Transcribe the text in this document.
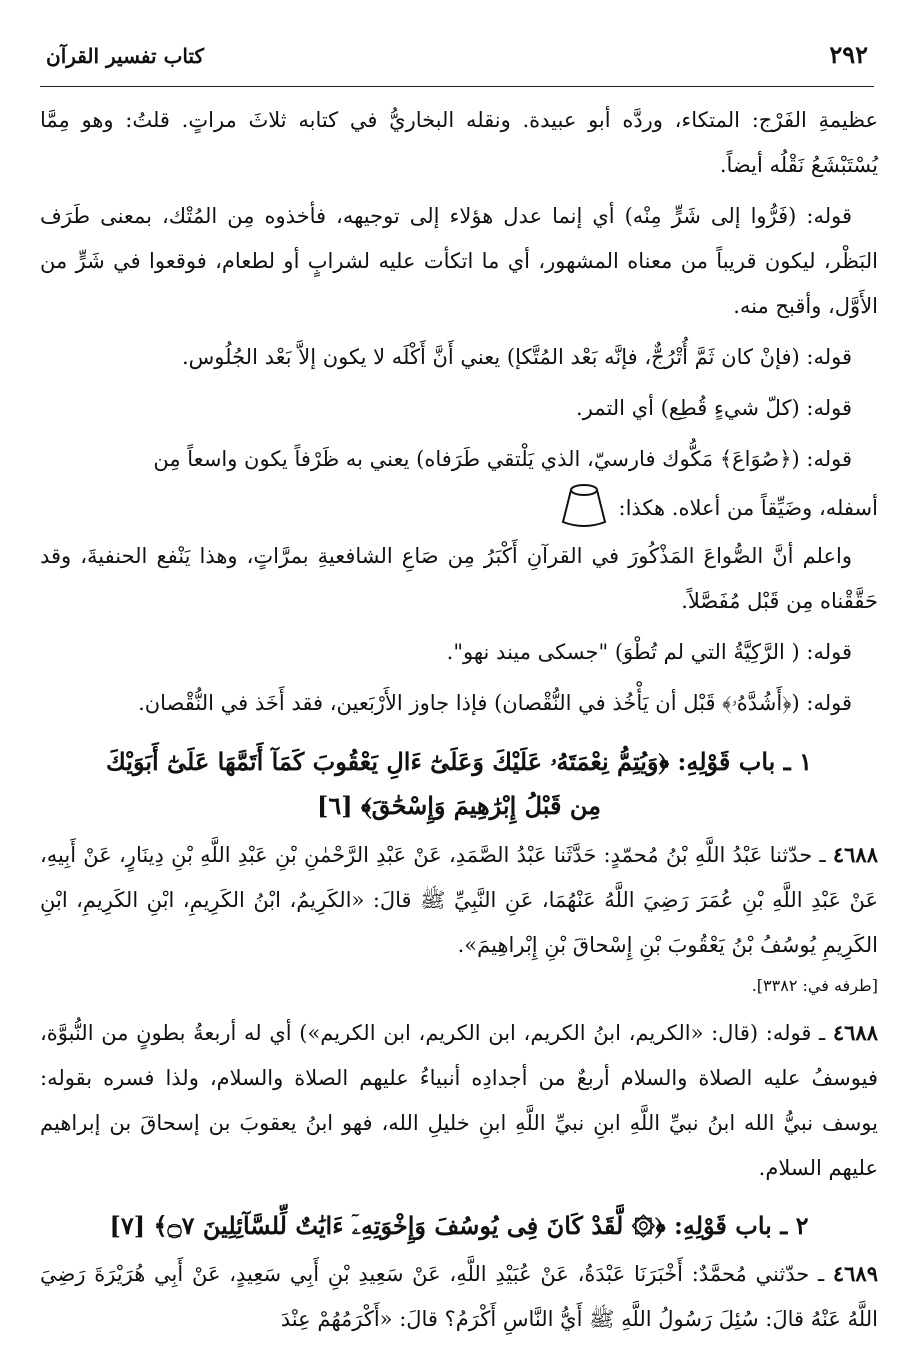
٢٩٢
كتاب تفسير القرآن

عظيمةِ الفَرْج: المتكاء، وردَّه أبو عبيدة. ونقله البخاريُّ في كتابه ثلاثَ مراتٍ. قلتُ: وهو مِمَّا يُسْتَبْشَعُ نَقْلُه أيضاً.

قوله: (فَرُّوا إلى شَرٍّ مِنْه) أي إنما عدل هؤلاء إلى توجيهه، فأخذوه مِن المُتْك، بمعنى طَرَف البَظْر، ليكون قريباً من معناه المشهور، أي ما اتكأت عليه لشرابٍ أو لطعام، فوقعوا في شَرٍّ من الأَوَّل، وأقبح منه.

قوله: (فإنْ كان ثَمَّ أُتْرُجٌّ، فإنَّه بَعْد المُتَّكإ) يعني أَنَّ أَكْلَه لا يكون إلاَّ بَعْد الجُلُوس.

قوله: (كلّ شيءٍ قُطِع) أي التمر.

قوله: (﴿صُوَاعَ﴾ مَكُّوك فارسيّ، الذي يَلْتقي طَرَفاه) يعني به ظَرْفاً يكون واسعاً مِن

أسفله، وضَيِّقاً من أعلاه. هكذا:

واعلم أنَّ الصُّواعَ المَذْكُورَ في القرآنِ أَكْبَرُ مِن صَاعِ الشافعيةِ بمرَّاتٍ، وهذا يَنْفع الحنفيةَ، وقد حَقَّقْناه مِن قَبْل مُفَصَّلاً.

قوله: ( الرَّكِيَّةُ التي لم تُطْوَ) "جسكى ميند نهو".

قوله: (﴿أَشُدَّهُۥ﴾ قَبْل أن يَأْخُذ في النُّقْصان) فإذا جاوز الأَرْبَعين، فقد أَخَذ في النُّقْصان.

١ ـ باب قَوْلِهِ: ﴿وَيُتِمُّ نِعْمَتَهُۥ عَلَيْكَ وَعَلَىٰٓ ءَالِ يَعْقُوبَ كَمَآ أَتَمَّهَا عَلَىٰٓ أَبَوَيْكَ مِن قَبْلُ إِبْرَٰهِيمَ وَإِسْحَٰقَ﴾ [٦]

٤٦٨٨ ـ حدّثنا عَبْدُ اللَّهِ بْنُ مُحمّدٍ: حَدَّثَنا عَبْدُ الصَّمَدِ، عَنْ عَبْدِ الرَّحْمٰنِ بْنِ عَبْدِ اللَّهِ بْنِ دِينَارٍ، عَنْ أَبِيهِ، عَنْ عَبْدِ اللَّهِ بْنِ عُمَرَ رَضِيَ اللَّهُ عَنْهُمَا، عَنِ النَّبِيِّ ﷺ قالَ: «الكَرِيمُ، ابْنُ الكَرِيمِ، ابْنِ الكَرِيمِ، ابْنِ الكَرِيمِ يُوسُفُ بْنُ يَعْقُوبَ بْنِ إِسْحاقَ بْنِ إِبْراهِيمَ».

[طرفه في: ٣٣٨٢].

٤٦٨٨ ـ قوله: (قال: «الكريم، ابنُ الكريم، ابن الكريم، ابن الكريم») أي له أربعةُ بطونٍ من النُّبوَّة، فيوسفُ عليه الصلاة والسلام أربعٌ من أجدادِه أنبياءُ عليهم الصلاة والسلام، ولذا فسره بقوله: يوسف نبيُّ الله ابنُ نبيِّ اللَّهِ ابنِ نبيِّ اللَّهِ ابنِ خليلِ الله، فهو ابنُ يعقوبَ بن إسحاقَ بن إبراهيم عليهم السلام.

٢ ـ باب قَوْلِهِ: ﴿۞ لَّقَدْ كَانَ فِى يُوسُفَ وَإِخْوَتِهِۦٓ ءَايَٰتٌ لِّلسَّآئِلِينَ ۝٧﴾ [٧]

٤٦٨٩ ـ حدّثني مُحمَّدٌ: أَخْبَرَنَا عَبْدَةُ، عَنْ عُبَيْدِ اللَّهِ، عَنْ سَعِيدِ بْنِ أَبِي سَعِيدٍ، عَنْ أَبِي هُرَيْرَةَ رَضِيَ اللَّهُ عَنْهُ قالَ: سُئِلَ رَسُولُ اللَّهِ ﷺ أَيُّ النَّاسِ أَكْرَمُ؟ قالَ: «أَكْرَمُهُمْ عِنْدَ
